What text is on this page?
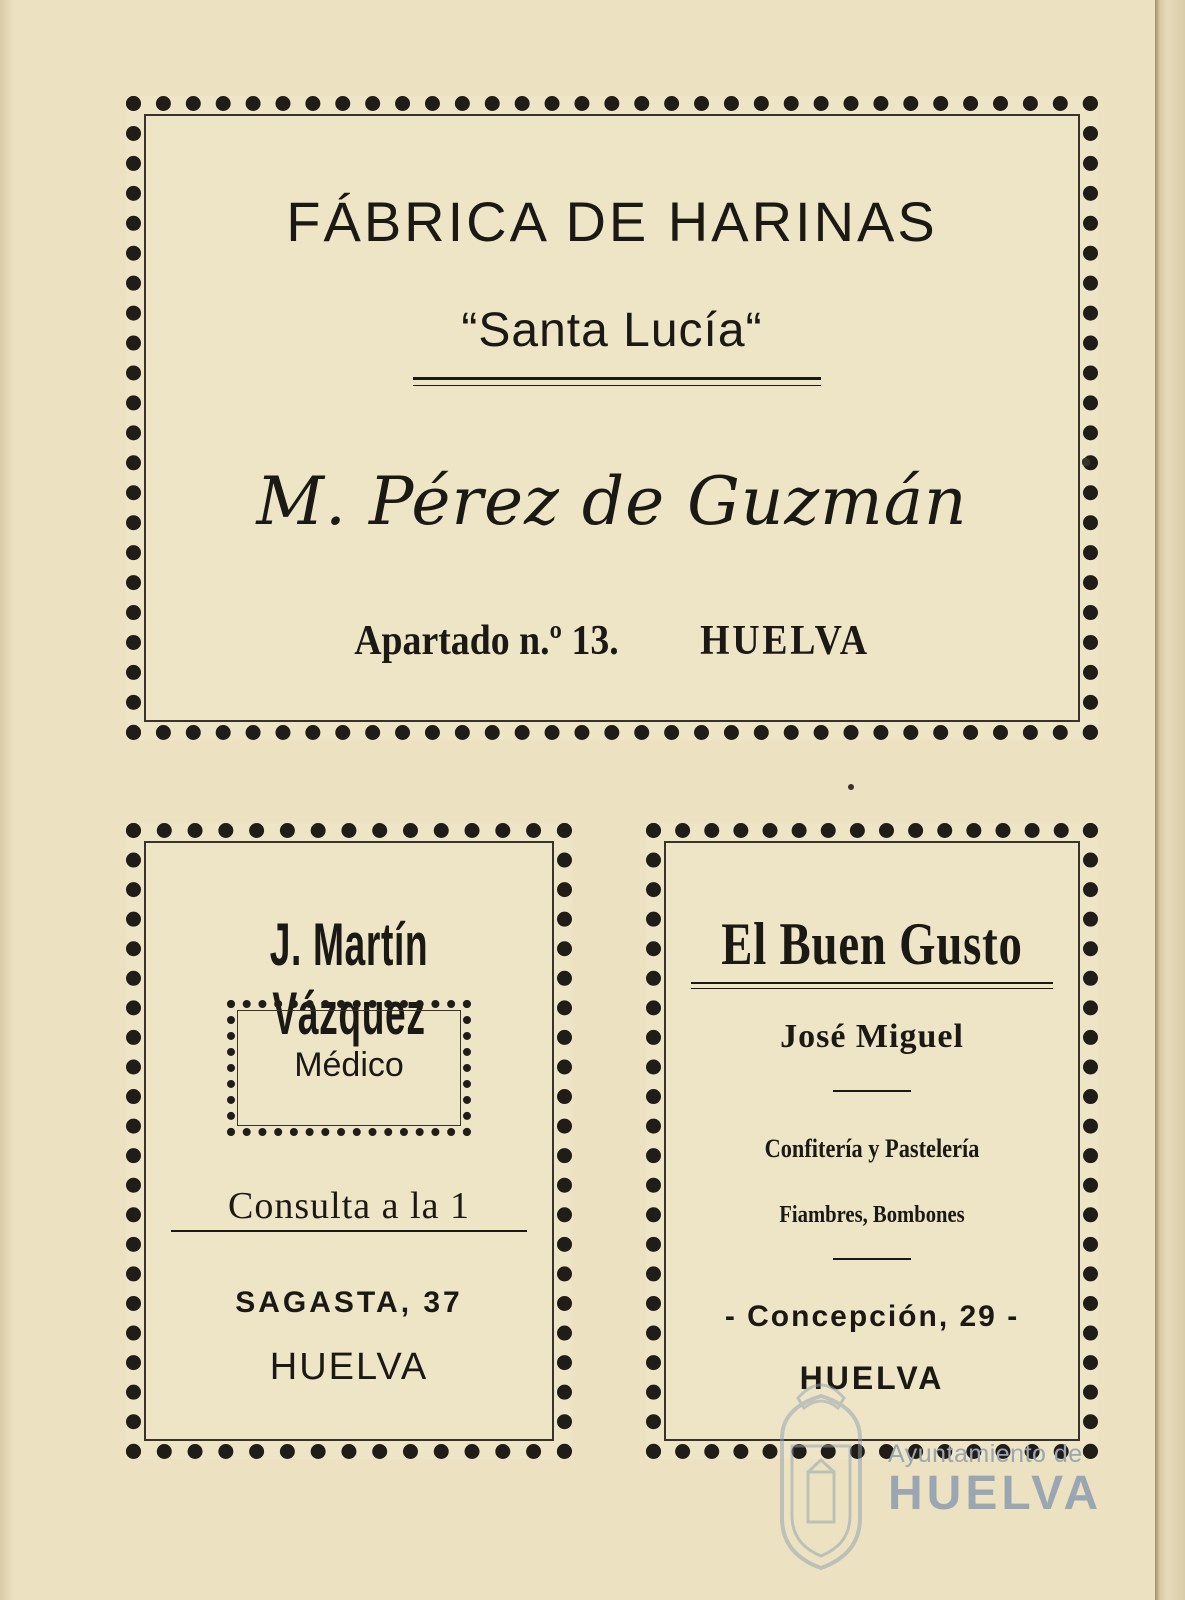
FÁBRICA DE HARINAS
“Santa Lucía“
M. Pérez de Guzmán
Apartado n.º 13. HUELVA
J. Martín Vázquez
Médico
Consulta a la 1
SAGASTA, 37
HUELVA
El Buen Gusto
José Miguel
Confitería y Pastelería
Fiambres, Bombones
- Concepción, 29 -
HUELVA
Ayuntamiento de
HUELVA
